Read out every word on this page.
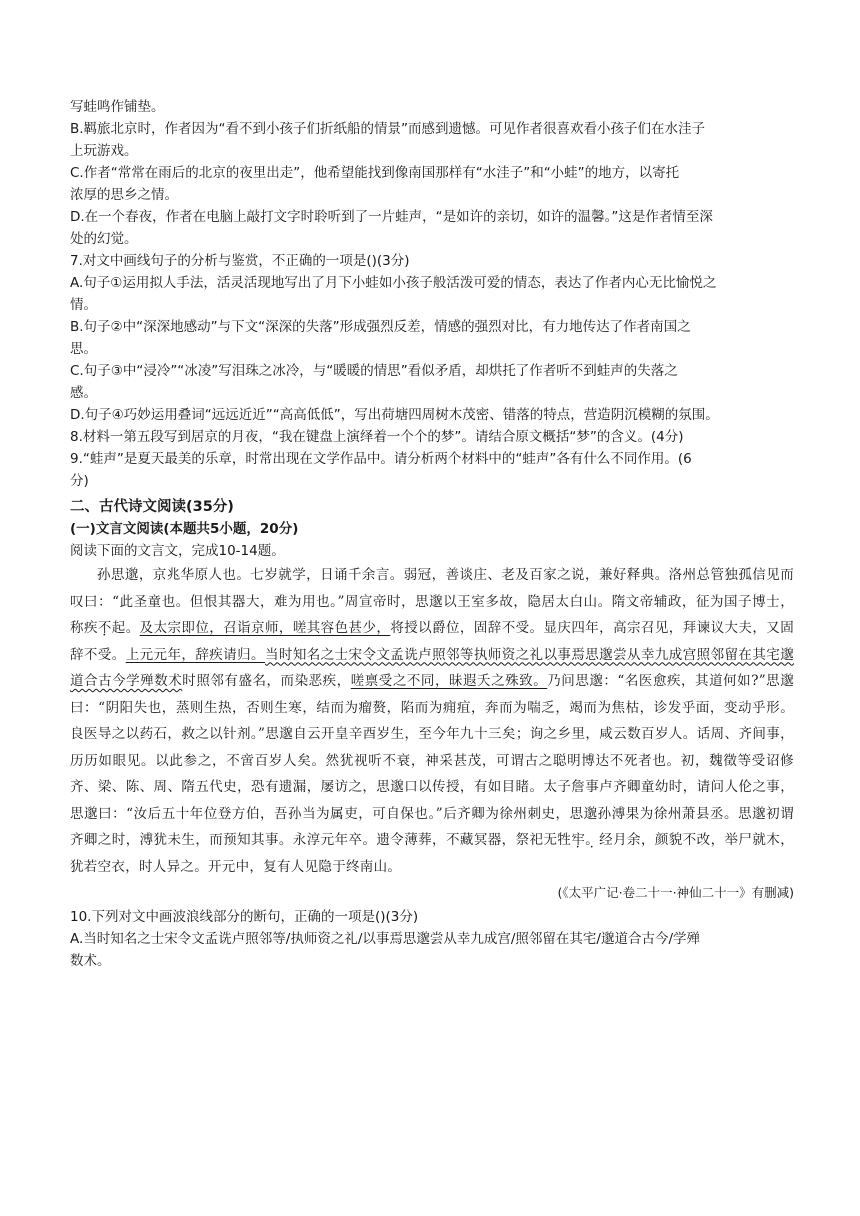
写蛙鸣作铺垫。

B.羁旅北京时，作者因为“看不到小孩子们折纸船的情景”而感到遗憾。可见作者很喜欢看小孩子们在水洼子

上玩游戏。

C.作者“常常在雨后的北京的夜里出走”，他希望能找到像南国那样有“水洼子”和“小蛙”的地方，以寄托

浓厚的思乡之情。

D.在一个春夜，作者在电脑上敲打文字时聆听到了一片蛙声，“是如许的亲切，如许的温馨。”这是作者情至深

处的幻觉。

7.对文中画线句子的分析与鉴赏，不正确的一项是()(3分)

A.句子①运用拟人手法，活灵活现地写出了月下小蛙如小孩子般活泼可爱的情态，表达了作者内心无比愉悦之

情。

B.句子②中“深深地感动”与下文“深深的失落”形成强烈反差，情感的强烈对比，有力地传达了作者南国之

思。

C.句子③中“浸冷”“冰凌”写泪珠之冰冷，与“暖暖的情思”看似矛盾，却烘托了作者听不到蛙声的失落之

感。

D.句子④巧妙运用叠词“远远近近”“高高低低”，写出荷塘四周树木茂密、错落的特点，营造阴沉模糊的氛围。

8.材料一第五段写到居京的月夜，“我在键盘上演绎着一个个的梦”。请结合原文概括“梦”的含义。(4分)

9.“蛙声”是夏天最美的乐章，时常出现在文学作品中。请分析两个材料中的“蛙声”各有什么不同作用。(6

分)

二、古代诗文阅读(35分)

(一)文言文阅读(本题共5小题，20分)

阅读下面的文言文，完成10-14题。

孙思邈，京兆华原人也。七岁就学，日诵千余言。弱冠，善谈庄、老及百家之说，兼好释典。洛州总管独孤信见而叹曰：“此圣童也。但恨其器大，难为用也。”周宣帝时，思邈以王室多故，隐居太白山。隋文帝辅政，征为国子博士，称疾不起。及太宗即位，召诣京师，嗟其容色甚少，将授以爵位，固辞不受。显庆四年，高宗召见，拜谏议大夫，又固辞不受。上元元年，辞疾请归。当时知名之士宋令文孟诜卢照邻等执师资之礼以事焉思邈尝从幸九成宫照邻留在其宅邈道合古今学殚数术时照邻有盛名，而染恶疾，嗟禀受之不同，昧遐夭之殊致。乃问思邈：“名医愈疾，其道何如?”思邈曰：“阴阳失也，蒸则生热，否则生寒，结而为瘤赘，陷而为痈疽，奔而为喘乏，竭而为焦枯，诊发乎面，变动乎形。良医导之以药石，救之以针剂。”思邈自云开皇辛酉岁生，至今年九十三矣；询之乡里，咸云数百岁人。话周、齐间事，历历如眼见。以此参之，不啻百岁人矣。然犹视听不衰，神采甚茂，可谓古之聪明博达不死者也。初，魏徵等受诏修齐、梁、陈、周、隋五代史，恐有遗漏，屡访之，思邈口以传授，有如目睹。太子詹事卢齐卿童幼时，请问人伦之事，思邈曰：“汝后五十年位登方伯，吾孙当为属吏，可自保也。”后齐卿为徐州刺史，思邈孙溥果为徐州萧县丞。思邈初谓齐卿之时，溥犹未生，而预知其事。永淳元年卒。遗令薄葬，不藏冥器，祭祀无牲牢。经月余，颜貌不改，举尸就木，犹若空衣，时人异之。开元中，复有人见隐于终南山。

(《太平广记·卷二十一·神仙二十一》有删减)

10.下列对文中画波浪线部分的断句，正确的一项是()(3分)

A.当时知名之士宋令文孟诜卢照邻等/执师资之礼/以事焉思邈尝从幸九成宫/照邻留在其宅/邈道合古今/学殚

数术。
